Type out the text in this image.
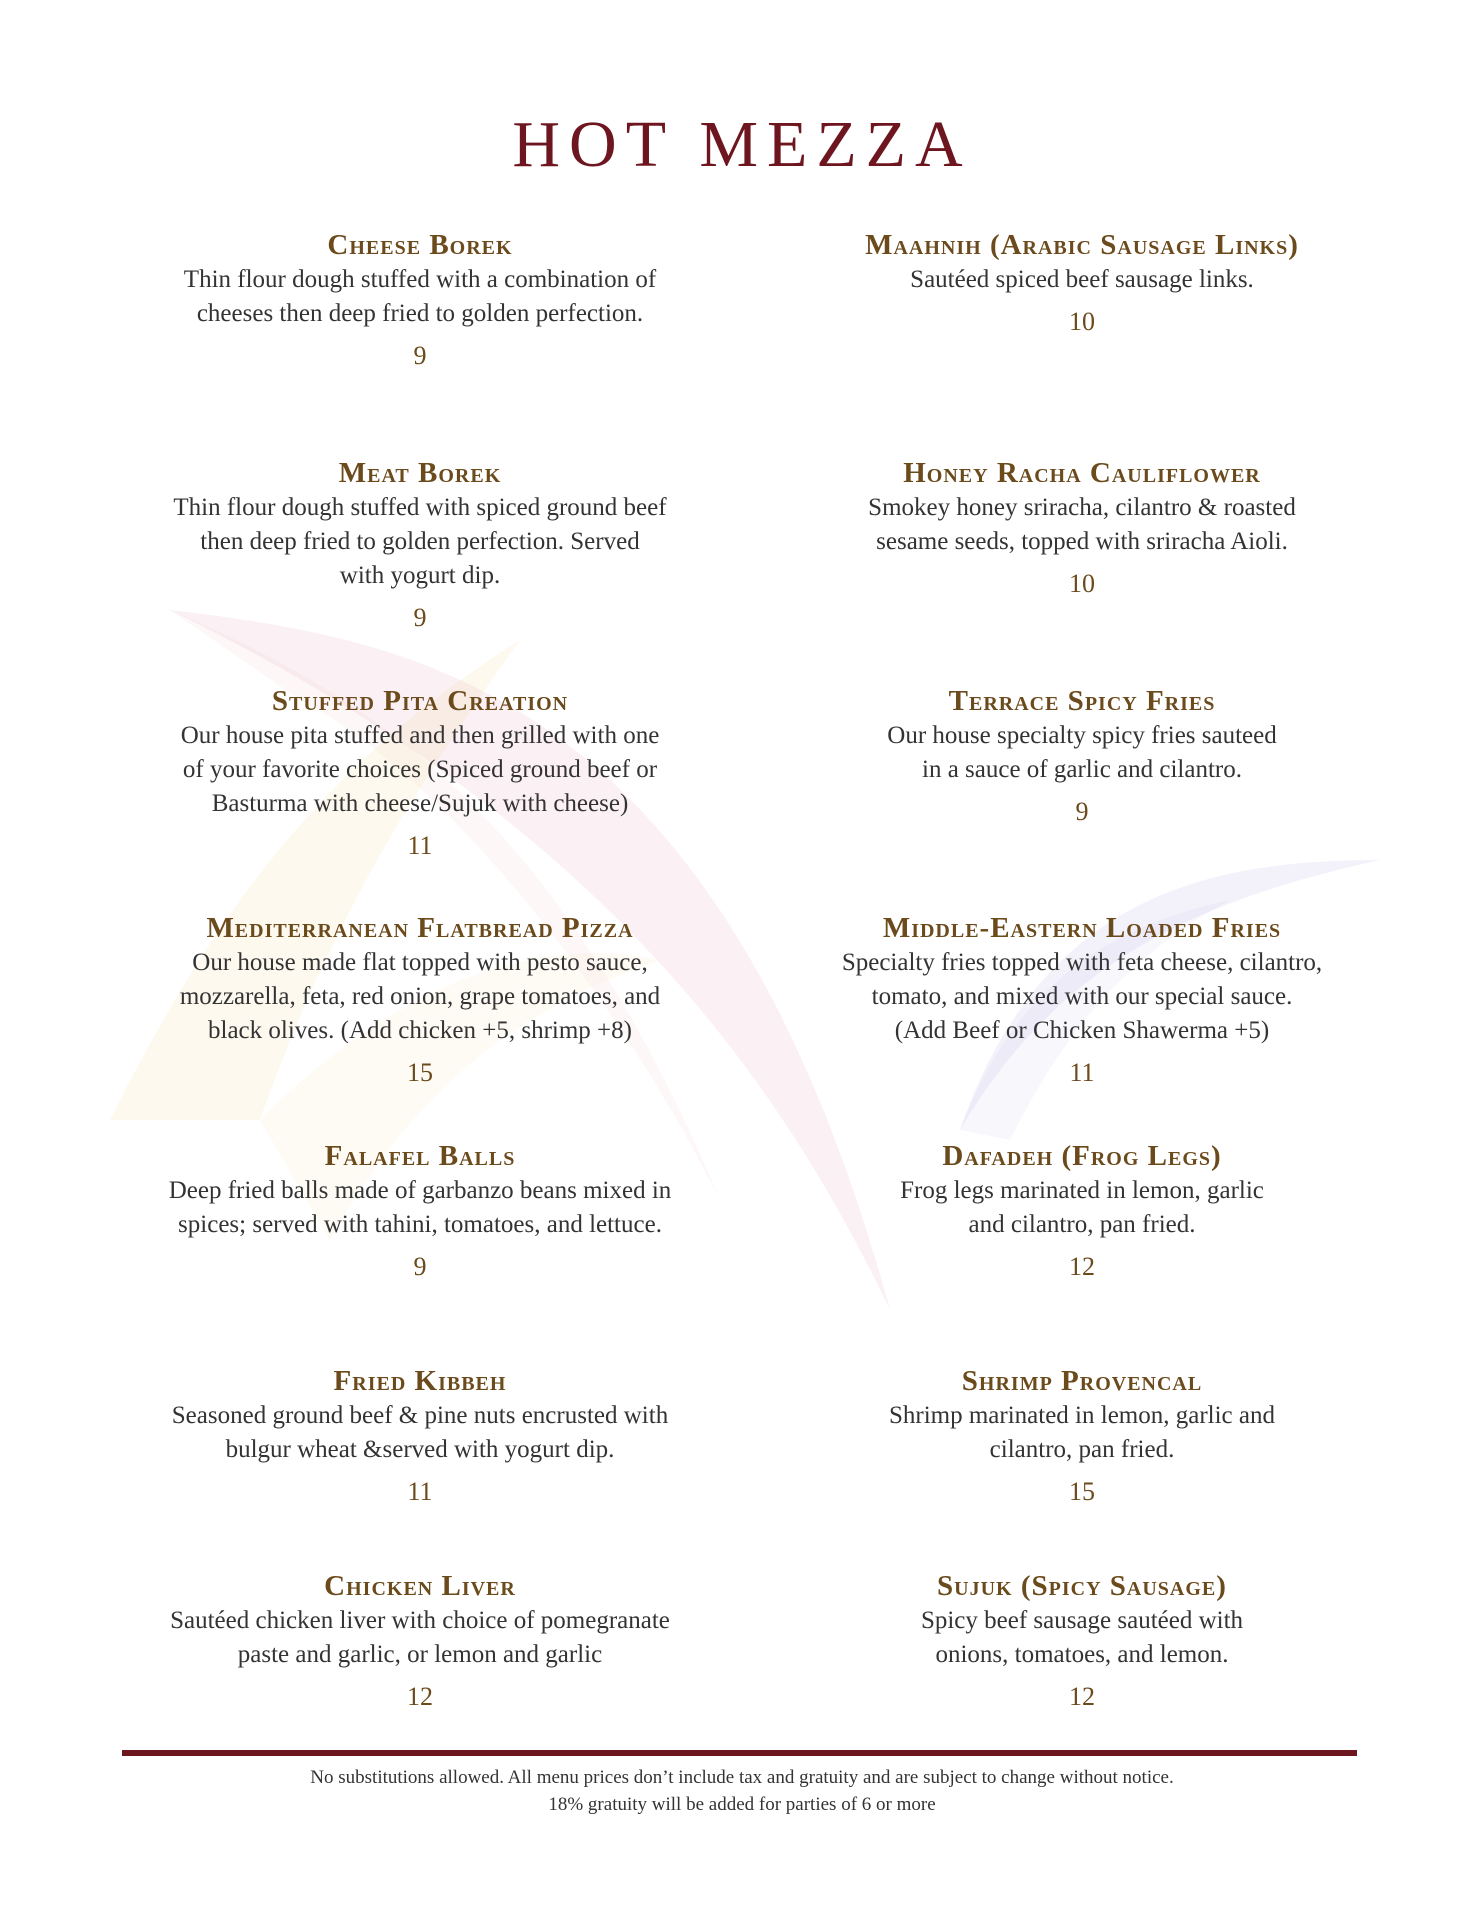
HOT MEZZA
Cheese Borek
Thin flour dough stuffed with a combination of
cheeses then deep fried to golden perfection.
9
Meat Borek
Thin flour dough stuffed with spiced ground beef
then deep fried to golden perfection. Served
with yogurt dip.
9
Stuffed Pita Creation
Our house pita stuffed and then grilled with one
of your favorite choices (Spiced ground beef or
Basturma with cheese/Sujuk with cheese)
11
Mediterranean Flatbread Pizza
Our house made flat topped with pesto sauce,
mozzarella, feta, red onion, grape tomatoes, and
black olives. (Add chicken +5, shrimp +8)
15
Falafel Balls
Deep fried balls made of garbanzo beans mixed in
spices; served with tahini, tomatoes, and lettuce.
9
Fried Kibbeh
Seasoned ground beef & pine nuts encrusted with
bulgur wheat &served with yogurt dip.
11
Chicken Liver
Sautéed chicken liver with choice of pomegranate
paste and garlic, or lemon and garlic
12
Maahnih (Arabic Sausage Links)
Sautéed spiced beef sausage links.
10
Honey Racha Cauliflower
Smokey honey sriracha, cilantro & roasted
sesame seeds, topped with sriracha Aioli.
10
Terrace Spicy Fries
Our house specialty spicy fries sauteed
in a sauce of garlic and cilantro.
9
Middle-Eastern Loaded Fries
Specialty fries topped with feta cheese, cilantro,
tomato, and mixed with our special sauce.
(Add Beef or Chicken Shawerma +5)
11
Dafadeh (Frog Legs)
Frog legs marinated in lemon, garlic
and cilantro, pan fried.
12
Shrimp Provencal
Shrimp marinated in lemon, garlic and
cilantro, pan fried.
15
Sujuk (Spicy Sausage)
Spicy beef sausage sautéed with
onions, tomatoes, and lemon.
12
No substitutions allowed. All menu prices don’t include tax and gratuity and are subject to change without notice.
18% gratuity will be added for parties of 6 or more
